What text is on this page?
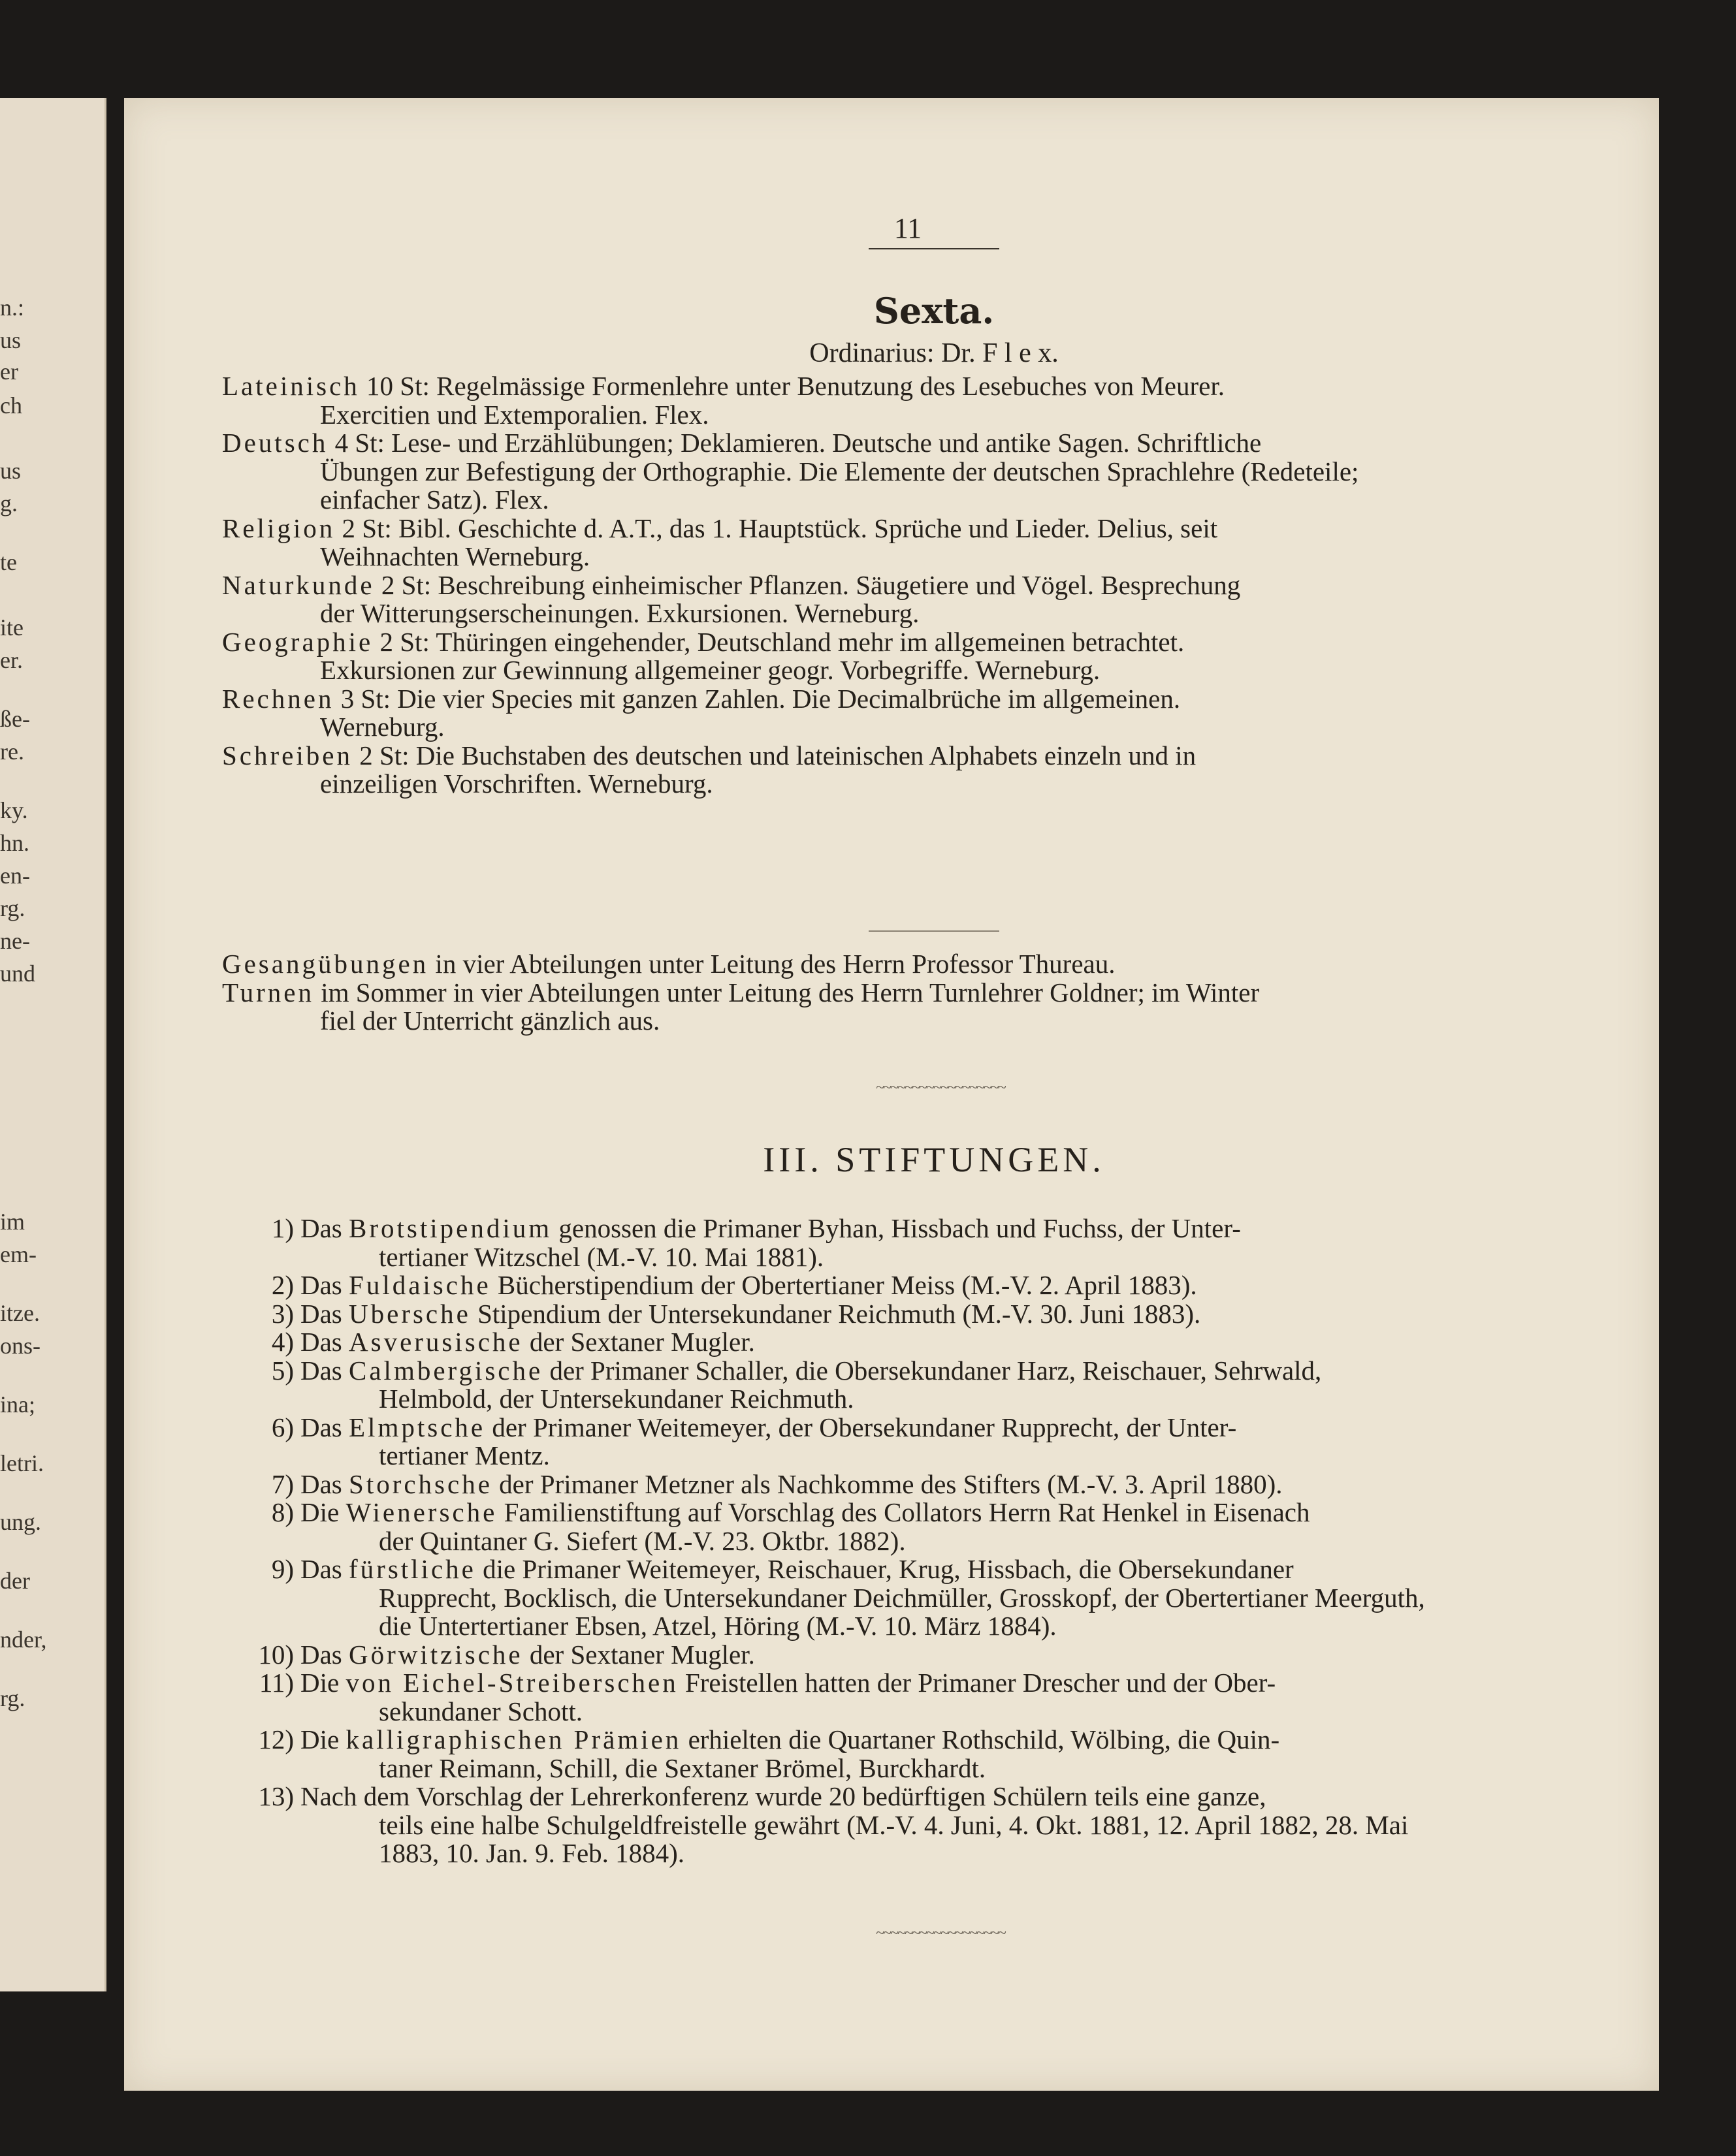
n.:
us
er
ch
us
g.
te
ite
er.
ße-
re.
ky.
hn.
en-
rg.
ne-
und
im
em-
itze.
ons-
ina;
letri.
ung.
der
nder,
rg.
11
Sexta.
Ordinarius: Dr. F l e x.
Lateinisch 10 St: Regelmässige Formenlehre unter Benutzung des Lesebuches von Meurer.
Exercitien und Extemporalien. Flex.
Deutsch 4 St: Lese- und Erzählübungen; Deklamieren. Deutsche und antike Sagen. Schriftliche
Übungen zur Befestigung der Orthographie. Die Elemente der deutschen Sprachlehre (Redeteile; einfacher Satz). Flex.
Religion 2 St: Bibl. Geschichte d. A.T., das 1. Hauptstück. Sprüche und Lieder. Delius, seit
Weihnachten Werneburg.
Naturkunde 2 St: Beschreibung einheimischer Pflanzen. Säugetiere und Vögel. Besprechung
der Witterungserscheinungen. Exkursionen. Werneburg.
Geographie 2 St: Thüringen eingehender, Deutschland mehr im allgemeinen betrachtet.
Exkursionen zur Gewinnung allgemeiner geogr. Vorbegriffe. Werneburg.
Rechnen 3 St: Die vier Species mit ganzen Zahlen. Die Decimalbrüche im allgemeinen.
Werneburg.
Schreiben 2 St: Die Buchstaben des deutschen und lateinischen Alphabets einzeln und in
einzeiligen Vorschriften. Werneburg.
Gesangübungen in vier Abteilungen unter Leitung des Herrn Professor Thureau.
Turnen im Sommer in vier Abteilungen unter Leitung des Herrn Turnlehrer Goldner; im Winter
fiel der Unterricht gänzlich aus.
~~~~~~~~~~~~~~~~~~
III. STIFTUNGEN.
1) Das Brotstipendium genossen die Primaner Byhan, Hissbach und Fuchss, der Unter-
tertianer Witzschel (M.-V. 10. Mai 1881).
2) Das Fuldaische Bücherstipendium der Obertertianer Meiss (M.-V. 2. April 1883).
3) Das Ubersche Stipendium der Untersekundaner Reichmuth (M.-V. 30. Juni 1883).
4) Das Asverusische der Sextaner Mugler.
5) Das Calmbergische der Primaner Schaller, die Obersekundaner Harz, Reischauer, Sehrwald,
Helmbold, der Untersekundaner Reichmuth.
6) Das Elmptsche der Primaner Weitemeyer, der Obersekundaner Rupprecht, der Unter-
tertianer Mentz.
7) Das Storchsche der Primaner Metzner als Nachkomme des Stifters (M.-V. 3. April 1880).
8) Die Wienersche Familienstiftung auf Vorschlag des Collators Herrn Rat Henkel in Eisenach
der Quintaner G. Siefert (M.-V. 23. Oktbr. 1882).
9) Das fürstliche die Primaner Weitemeyer, Reischauer, Krug, Hissbach, die Obersekundaner
Rupprecht, Bocklisch, die Untersekundaner Deichmüller, Grosskopf, der Obertertianer Meerguth, die Untertertianer Ebsen, Atzel, Höring (M.-V. 10. März 1884).
10) Das Görwitzische der Sextaner Mugler.
11) Die von Eichel-Streiberschen Freistellen hatten der Primaner Drescher und der Ober-
sekundaner Schott.
12) Die kalligraphischen Prämien erhielten die Quartaner Rothschild, Wölbing, die Quin-
taner Reimann, Schill, die Sextaner Brömel, Burckhardt.
13) Nach dem Vorschlag der Lehrerkonferenz wurde 20 bedürftigen Schülern teils eine ganze,
teils eine halbe Schulgeldfreistelle gewährt (M.-V. 4. Juni, 4. Okt. 1881, 12. April 1882, 28. Mai 1883, 10. Jan. 9. Feb. 1884).
~~~~~~~~~~~~~~~~~~
